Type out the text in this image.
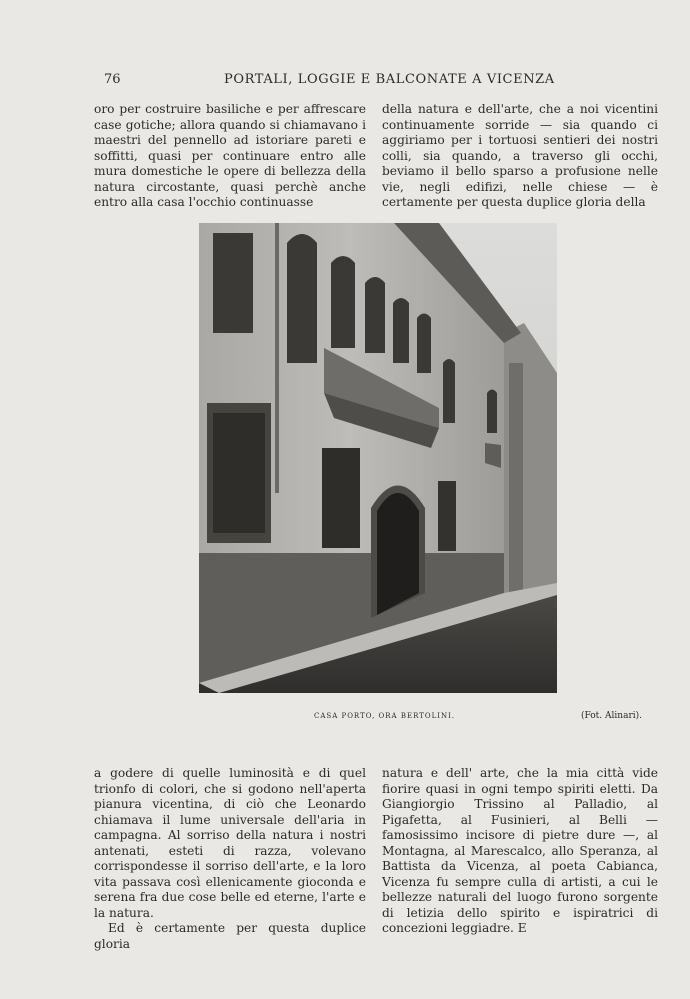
76	PORTALI, LOGGIE E BALCONATE A VICENZA

oro per costruire basiliche e per affrescare case gotiche; allora quando si chiamavano i maestri del pennello ad istoriare pareti e soffitti, quasi per continuare entro alle mura domestiche le opere di bellezza della natura circostante, quasi perchè anche entro alla casa l'occhio continuasse

della natura e dell'arte, che a noi vicentini continuamente sorride — sia quando ci aggiriamo per i tortuosi sentieri dei nostri colli, sia quando, a traverso gli occhi, beviamo il bello sparso a profusione nelle vie, negli edifizi, nelle chiese — è certamente per questa duplice gloria della

CASA PORTO, ORA BERTOLINI.	(Fot. Alinari).

a godere di quelle luminosità e di quel trionfo di colori, che si godono nell'aperta pianura vicentina, di ciò che Leonardo chiamava il lume universale dell'aria in campagna. Al sorriso della natura i nostri antenati, esteti di razza, volevano corrispondesse il sorriso dell'arte, e la loro vita passava così ellenicamente gioconda e serena fra due cose belle ed eterne, l'arte e la natura.

Ed è certamente per questa duplice gloria

natura e dell' arte, che la mia città vide fiorire quasi in ogni tempo spiriti eletti. Da Giangiorgio Trissino al Palladio, al Pigafetta, al Fusinieri, al Belli — famosissimo incisore di pietre dure —, al Montagna, al Marescalco, allo Speranza, al Battista da Vicenza, al poeta Cabianca, Vicenza fu sempre culla di artisti, a cui le bellezze naturali del luogo furono sorgente di letizia dello spirito e ispiratrici di concezioni leggiadre. E
